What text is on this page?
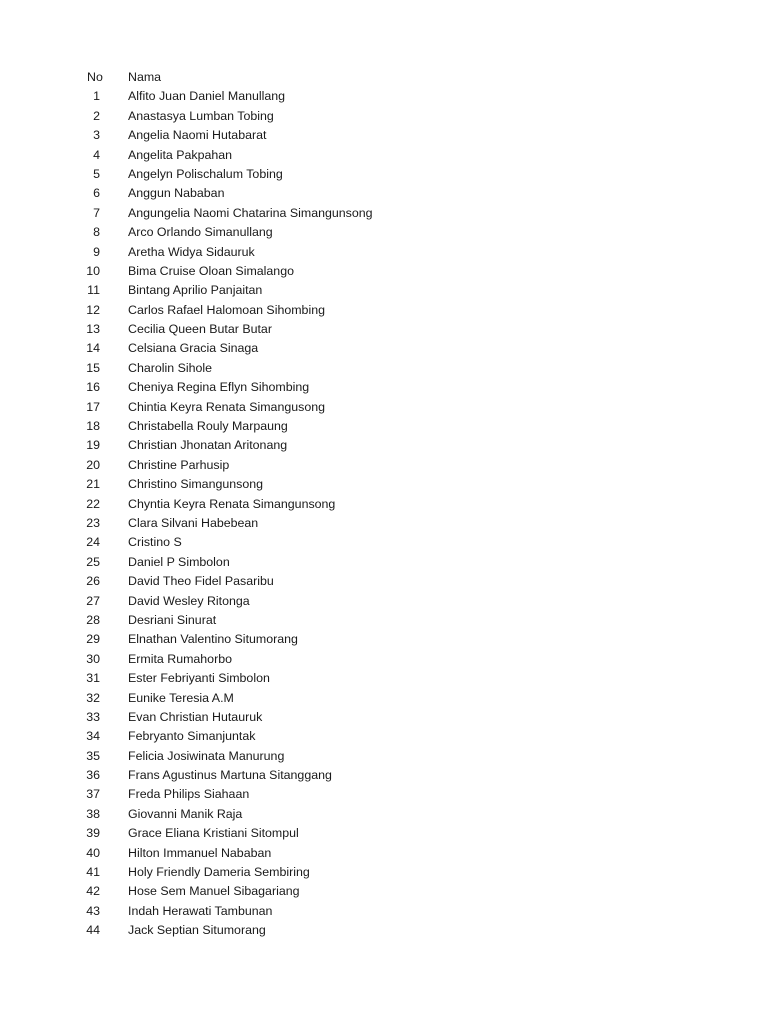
No	Nama
1	Alfito Juan Daniel Manullang
2	Anastasya Lumban Tobing
3	Angelia Naomi Hutabarat
4	Angelita Pakpahan
5	Angelyn Polischalum Tobing
6	Anggun Nababan
7	Angungelia Naomi Chatarina Simangunsong
8	Arco Orlando Simanullang
9	Aretha Widya Sidauruk
10	Bima Cruise Oloan Simalango
11	Bintang Aprilio Panjaitan
12	Carlos Rafael Halomoan Sihombing
13	Cecilia Queen Butar Butar
14	Celsiana Gracia Sinaga
15	Charolin Sihole
16	Cheniya Regina Eflyn Sihombing
17	Chintia Keyra Renata Simangusong
18	Christabella Rouly Marpaung
19	Christian Jhonatan Aritonang
20	Christine Parhusip
21	Christino Simangunsong
22	Chyntia Keyra Renata Simangunsong
23	Clara Silvani Habebean
24	Cristino S
25	Daniel P Simbolon
26	David Theo Fidel Pasaribu
27	David Wesley Ritonga
28	Desriani Sinurat
29	Elnathan Valentino Situmorang
30	Ermita Rumahorbo
31	Ester Febriyanti Simbolon
32	Eunike Teresia A.M
33	Evan Christian Hutauruk
34	Febryanto Simanjuntak
35	Felicia Josiwinata Manurung
36	Frans Agustinus Martuna Sitanggang
37	Freda Philips Siahaan
38	Giovanni Manik Raja
39	Grace Eliana Kristiani Sitompul
40	Hilton Immanuel Nababan
41	Holy Friendly Dameria Sembiring
42	Hose Sem Manuel Sibagariang
43	Indah Herawati Tambunan
44	Jack Septian Situmorang
